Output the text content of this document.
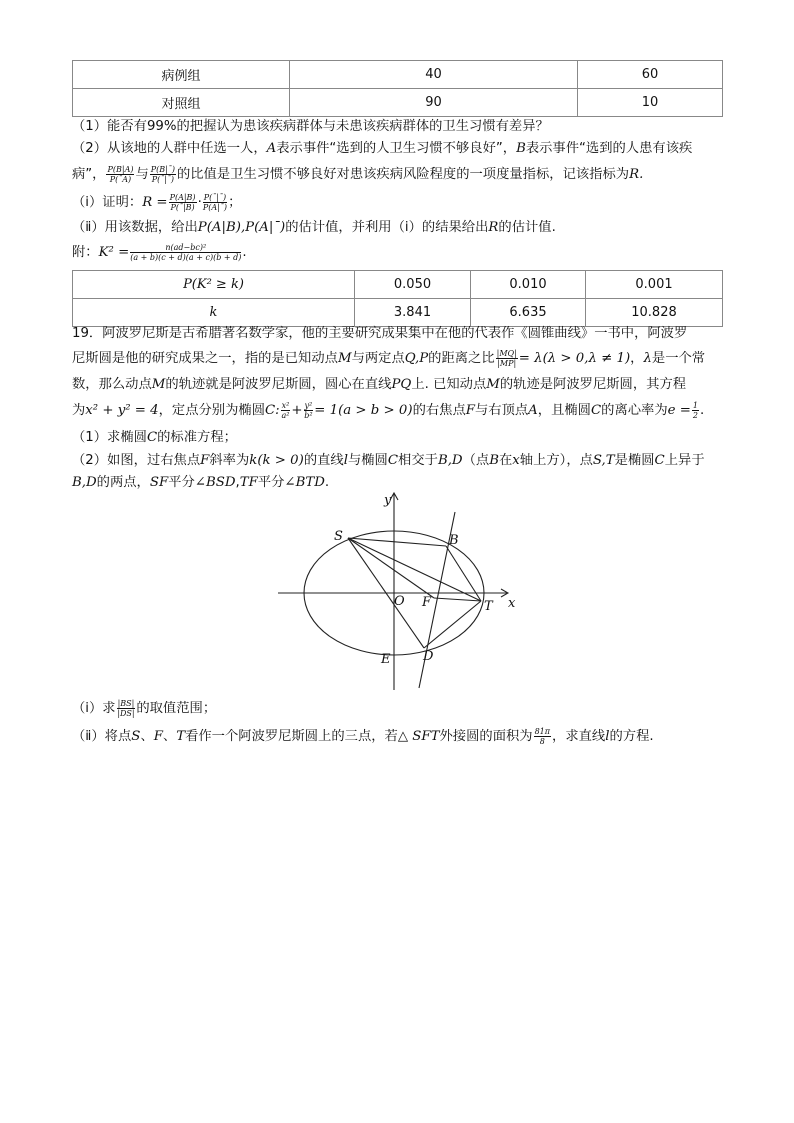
病例组	40	60
对照组	90	10
（1）能否有99%的把握认为患该疾病群体与未患该疾病群体的卫生习惯有差异？
（2）从该地的人群中任选一人，A表示事件“选到的人卫生习惯不够良好”，B表示事件“选到的人患有该疾
病”， $\frac{P(B|A)}{P(¯A)}$ 与 $\frac{P(B|¯)}{P(¯|¯)}$ 的比值是卫生习惯不够良好对患该疾病风险程度的一项度量指标，记该指标为R.
（ⅰ）证明：$R = \frac{P(A|B)}{P(¯|B)} \cdot \frac{P(¯|¯)}{P(A|¯)}$ ；
（ⅱ）用该数据，给出P(A|B),P(A|¯)的估计值，并利用（ⅰ）的结果给出R的估计值.
附：$K^2 = \frac{\text{n(ad−bc)²}}{(a + b)(c + d)(a + c)(b + d)}$ .
P(K² ≥ k)	0.050	0.010	0.001
k	3.841	6.635	10.828
19．阿波罗尼斯是古希腊著名数学家，他的主要研究成果集中在他的代表作《圆锥曲线》一书中，阿波罗
尼斯圆是他的研究成果之一，指的是已知动点M与两定点Q,P的距离之比 $\frac{|MQ|}{|MP|} = \lambda(\lambda > 0,\lambda \ne 1)$，λ是一个常
数，那么动点M的轨迹就是阿波罗尼斯圆，圆心在直线PQ上. 已知动点M的轨迹是阿波罗尼斯圆，其方程
为x² + y² = 4，定点分别为椭圆C: $\frac{\text{x²}}{\text{a²}} + \frac{\text{y²}}{\text{b²}} = 1(a > b > 0)$的右焦点F与右顶点A，且椭圆C的离心率为$e = \frac{1}{2}$ .
（1）求椭圆C的标准方程；
（2）如图，过右焦点F斜率为k(k > 0)的直线l与椭圆C相交于B,D（点B在x轴上方），点S,T是椭圆C上异于
B,D的两点，SF平分∠BSD,TF平分∠BTD.
y
x
S	B
O F	T
E	D
（ⅰ）求 $\frac{|BS|}{|DS|}$ 的取值范围；
（ⅱ）将点S、F、T看作一个阿波罗尼斯圆上的三点，若△ SFT外接圆的面积为 $\frac{81\pi}{8}$ ，求直线l的方程.
